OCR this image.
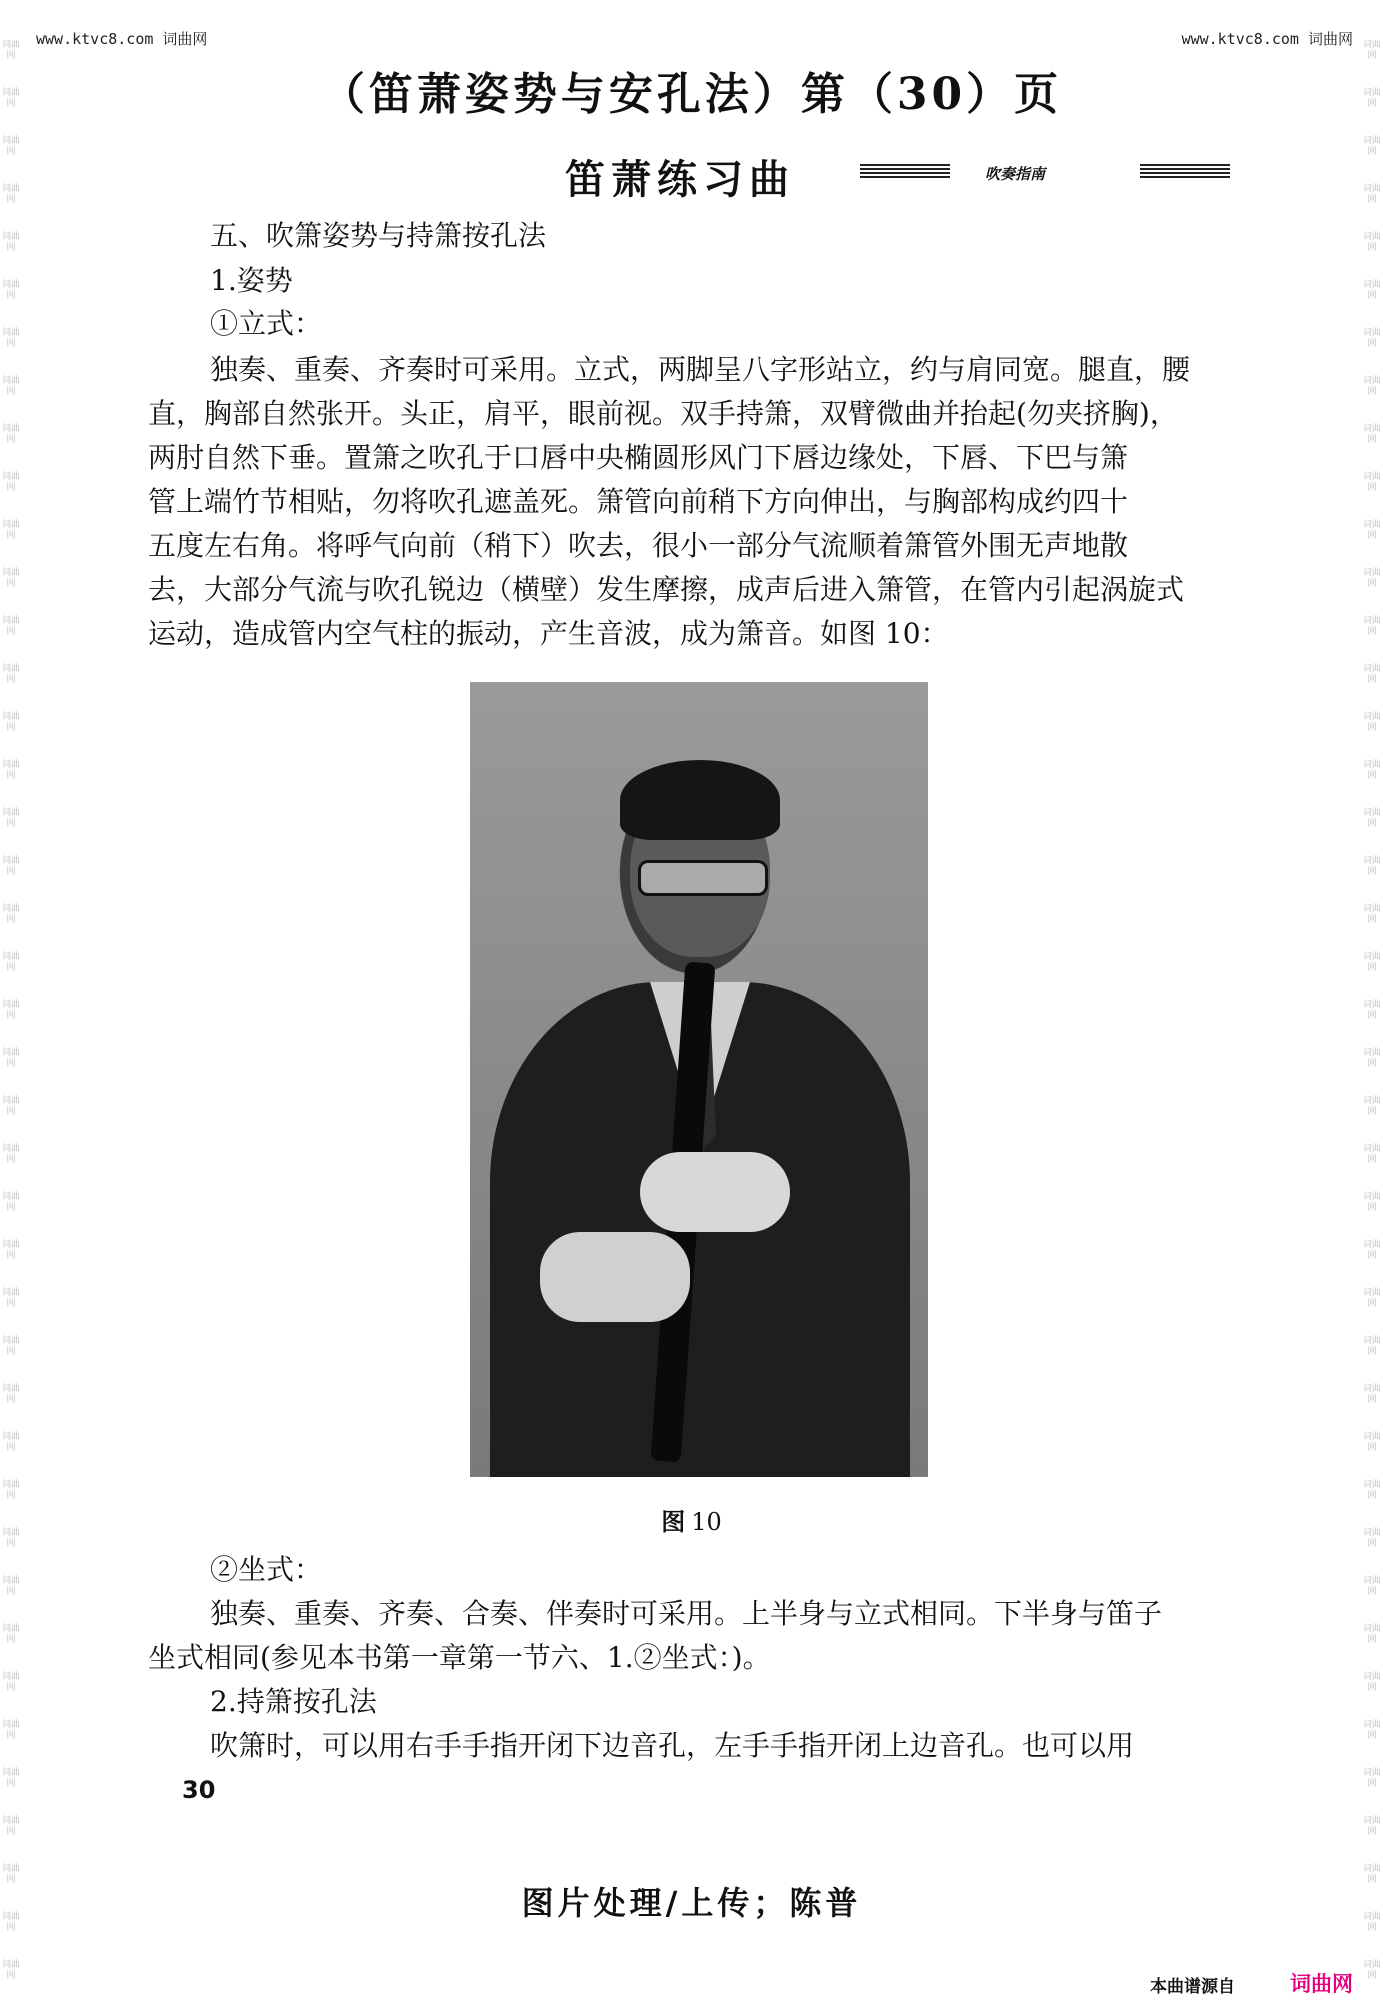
www.ktvc8.com 词曲网	www.ktvc8.com 词曲网
词曲网
词曲网
词曲网
词曲网
词曲网
词曲网
词曲网
词曲网
词曲网
词曲网
词曲网
词曲网
词曲网
词曲网
词曲网
词曲网
词曲网
词曲网
词曲网
词曲网
词曲网
词曲网
词曲网
词曲网
词曲网
词曲网
词曲网
词曲网
词曲网
词曲网
词曲网
词曲网
词曲网
词曲网
词曲网
词曲网
词曲网
词曲网
词曲网
词曲网
词曲网
词曲网
词曲网
词曲网
词曲网
词曲网
词曲网
词曲网
词曲网
词曲网
词曲网
词曲网
词曲网
词曲网
词曲网
词曲网
词曲网
词曲网
词曲网
词曲网
词曲网
词曲网
词曲网
词曲网
词曲网
词曲网
词曲网
词曲网
词曲网
词曲网
词曲网
词曲网
词曲网
词曲网
词曲网
词曲网
词曲网
词曲网
词曲网
词曲网
词曲网
词曲网
（笛萧姿势与安孔法）第（30）页
笛萧练习曲	吹奏指南
五、吹箫姿势与持箫按孔法
1.姿势
①立式：
独奏、重奏、齐奏时可采用。立式，两脚呈八字形站立，约与肩同宽。腿直，腰
直，胸部自然张开。头正，肩平，眼前视。双手持箫，双臂微曲并抬起(勿夹挤胸)，
两肘自然下垂。置箫之吹孔于口唇中央椭圆形风门下唇边缘处，下唇、下巴与箫
管上端竹节相贴，勿将吹孔遮盖死。箫管向前稍下方向伸出，与胸部构成约四十
五度左右角。将呼气向前（稍下）吹去，很小一部分气流顺着箫管外围无声地散
去，大部分气流与吹孔锐边（横壁）发生摩擦，成声后进入箫管，在管内引起涡旋式
运动，造成管内空气柱的振动，产生音波，成为箫音。如图 10：
图 10
②坐式：
独奏、重奏、齐奏、合奏、伴奏时可采用。上半身与立式相同。下半身与笛子
坐式相同(参见本书第一章第一节六、1.②坐式：)。
2.持箫按孔法
吹箫时，可以用右手手指开闭下边音孔，左手手指开闭上边音孔。也可以用
30
图片处理/上传；陈普
本曲谱源自	词曲网
